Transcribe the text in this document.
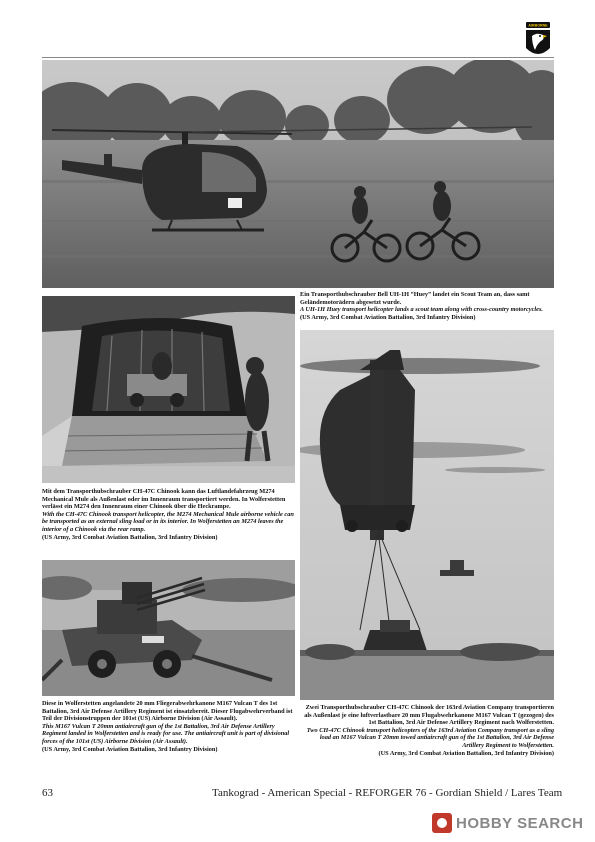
AIRBORNE

Ein Transporthubschrauber Bell UH-1H “Huey” landet ein Scout Team an, dass samt Geländemotorädern abgesetzt wurde.

A UH-1H Huey transport helicopter lands a scout team along with cross-country motorcycles.

(US Army, 3rd Combat Aviation Battalion, 3rd Infantry Division)

Mit dem Transporthubschrauber CH-47C Chinook kann das Luftlandefahrzeug M274 Mechanical Mule als Außenlast oder im Innenraum transportiert werden. In Wolferstetten verlässt ein M274 den Innenraum einer Chinook über die Heckrampe.

With the CH-47C Chinook transport helicopter, the M274 Mechanical Mule airborne vehicle can be transported as an external sling load or in its interior. In Wolferstetten an M274 leaves the interior of a Chinook via the rear ramp.

(US Army, 3rd Combat Aviation Battalion, 3rd Infantry Division)

Diese in Wolferstetten angelandete 20 mm Fliegerabwehrkanone M167 Vulcan T des 1st Battalion, 3rd Air Defense Artillery Regiment ist einsatzbereit. Dieser Flugabwehrverband ist Teil der Divisionstruppen der 101st (US) Airborne Division (Air Assault).

This M167 Vulcan T 20mm antiaircraft gun of the 1st Battalion, 3rd Air Defense Artillery Regiment landed in Wolferstetten and is ready for use. The antiaircraft unit is part of divisional forces of the 101st (US) Airborne Division (Air Assault).

(US Army, 3rd Combat Aviation Battalion, 3rd Infantry Division)

Zwei Transporthubschrauber CH-47C Chinook der 163rd Aviation Company transportieren als Außenlast je eine luftverlastbare 20 mm Flugabwehrkanone M167 Vulcan T (gezogen) des 1st Battalion, 3rd Air Defense Artillery Regiment nach Wolferstetten.

Two CH-47C Chinook transport helicopters of the 163rd Aviation Company transport as a sling load an M167 Vulcan T 20mm towed antiaircraft gun of the 1st Battalion, 3rd Air Defense Artillery Regiment to Wolferstetten.

(US Army, 3rd Combat Aviation Battalion, 3rd Infantry Division)

63	Tankograd - American Special - REFORGER 76 - Gordian Shield / Lares Team
HOBBY SEARCH
